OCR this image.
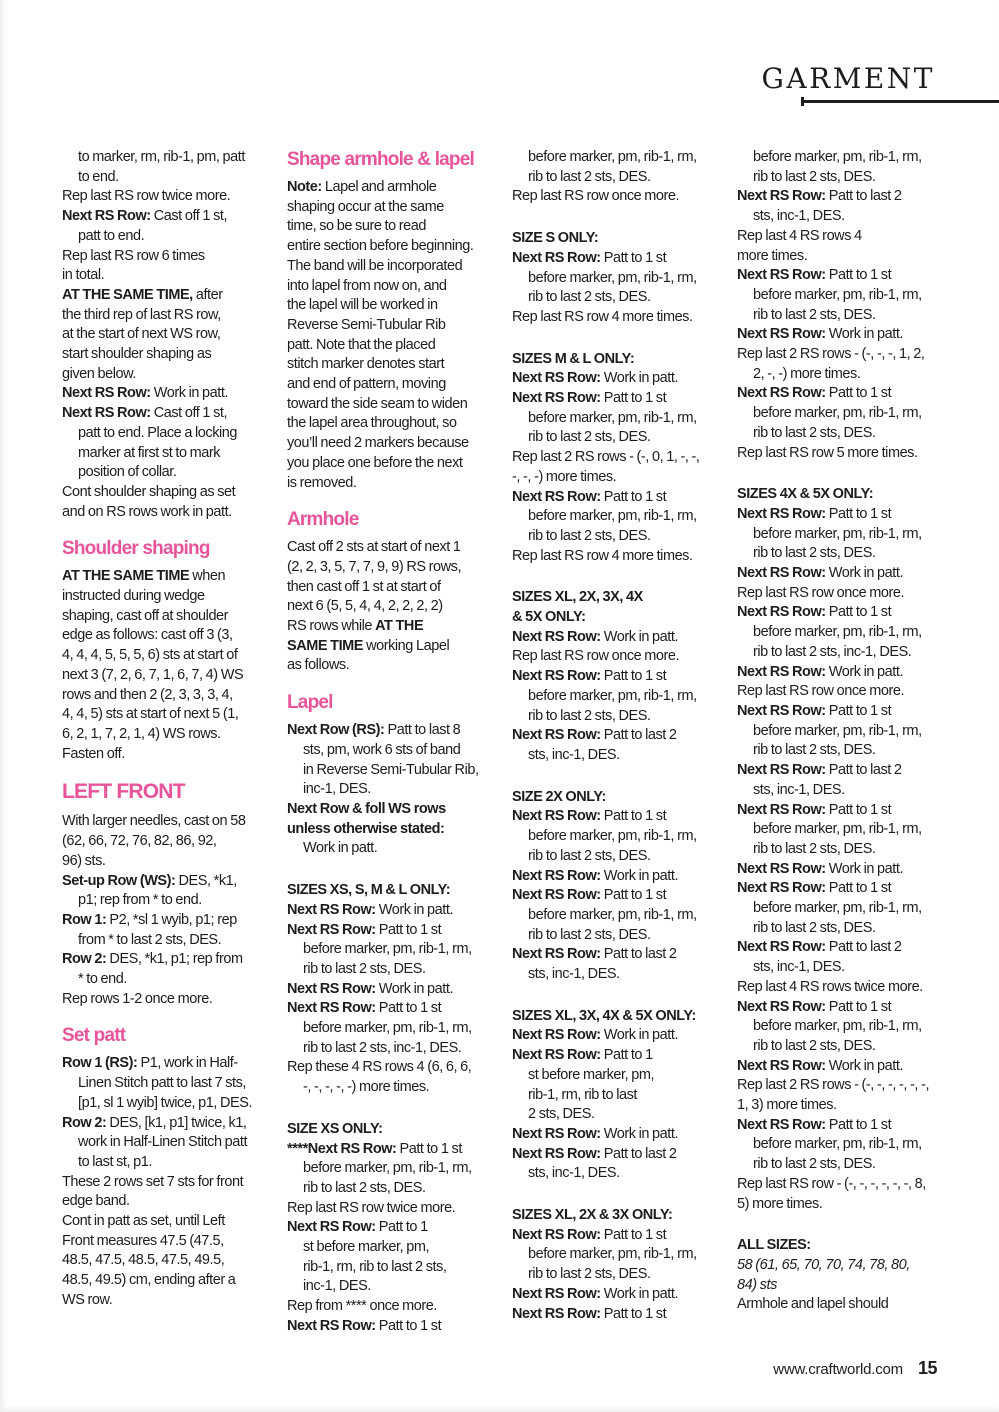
GARMENT
to marker, rm, rib-1, pm, patt
to end.
Rep last RS row twice more.
Next RS Row: Cast off 1 st,
patt to end.
Rep last RS row 6 times
in total.
AT THE SAME TIME, after
the third rep of last RS row,
at the start of next WS row,
start shoulder shaping as
given below.
Next RS Row: Work in patt.
Next RS Row: Cast off 1 st,
patt to end. Place a locking
marker at first st to mark
position of collar.
Cont shoulder shaping as set
and on RS rows work in patt.
Shoulder shaping
AT THE SAME TIME when
instructed during wedge
shaping, cast off at shoulder
edge as follows: cast off 3 (3,
4, 4, 4, 5, 5, 5, 6) sts at start of
next 3 (7, 2, 6, 7, 1, 6, 7, 4) WS
rows and then 2 (2, 3, 3, 3, 4,
4, 4, 5) sts at start of next 5 (1,
6, 2, 1, 7, 2, 1, 4) WS rows.
Fasten off.
LEFT FRONT
With larger needles, cast on 58
(62, 66, 72, 76, 82, 86, 92,
96) sts.
Set-up Row (WS): DES, *k1,
p1; rep from * to end.
Row 1: P2, *sl 1 wyib, p1; rep
from * to last 2 sts, DES.
Row 2: DES, *k1, p1; rep from
* to end.
Rep rows 1-2 once more.
Set patt
Row 1 (RS): P1, work in Half-
Linen Stitch patt to last 7 sts,
[p1, sl 1 wyib] twice, p1, DES.
Row 2: DES, [k1, p1] twice, k1,
work in Half-Linen Stitch patt
to last st, p1.
These 2 rows set 7 sts for front
edge band.
Cont in patt as set, until Left
Front measures 47.5 (47.5,
48.5, 47.5, 48.5, 47.5, 49.5,
48.5, 49.5) cm, ending after a
WS row.
Shape armhole & lapel
Note: Lapel and armhole
shaping occur at the same
time, so be sure to read
entire section before beginning.
The band will be incorporated
into lapel from now on, and
the lapel will be worked in
Reverse Semi-Tubular Rib
patt. Note that the placed
stitch marker denotes start
and end of pattern, moving
toward the side seam to widen
the lapel area throughout, so
you’ll need 2 markers because
you place one before the next
is removed.
Armhole
Cast off 2 sts at start of next 1
(2, 2, 3, 5, 7, 7, 9, 9) RS rows,
then cast off 1 st at start of
next 6 (5, 5, 4, 4, 2, 2, 2, 2)
RS rows while AT THE
SAME TIME working Lapel
as follows.
Lapel
Next Row (RS): Patt to last 8
sts, pm, work 6 sts of band
in Reverse Semi-Tubular Rib,
inc-1, DES.
Next Row & foll WS rows
unless otherwise stated:
Work in patt.
SIZES XS, S, M & L ONLY:
Next RS Row: Work in patt.
Next RS Row: Patt to 1 st
before marker, pm, rib-1, rm,
rib to last 2 sts, DES.
Next RS Row: Work in patt.
Next RS Row: Patt to 1 st
before marker, pm, rib-1, rm,
rib to last 2 sts, inc-1, DES.
Rep these 4 RS rows 4 (6, 6, 6,
-, -, -, -, -) more times.
SIZE XS ONLY:
****Next RS Row: Patt to 1 st
before marker, pm, rib-1, rm,
rib to last 2 sts, DES.
Rep last RS row twice more.
Next RS Row: Patt to 1
st before marker, pm,
rib-1, rm, rib to last 2 sts,
inc-1, DES.
Rep from **** once more.
Next RS Row: Patt to 1 st
before marker, pm, rib-1, rm,
rib to last 2 sts, DES.
Rep last RS row once more.
SIZE S ONLY:
Next RS Row: Patt to 1 st
before marker, pm, rib-1, rm,
rib to last 2 sts, DES.
Rep last RS row 4 more times.
SIZES M & L ONLY:
Next RS Row: Work in patt.
Next RS Row: Patt to 1 st
before marker, pm, rib-1, rm,
rib to last 2 sts, DES.
Rep last 2 RS rows - (-, 0, 1, -, -,
-, -, -) more times.
Next RS Row: Patt to 1 st
before marker, pm, rib-1, rm,
rib to last 2 sts, DES.
Rep last RS row 4 more times.
SIZES XL, 2X, 3X, 4X
& 5X ONLY:
Next RS Row: Work in patt.
Rep last RS row once more.
Next RS Row: Patt to 1 st
before marker, pm, rib-1, rm,
rib to last 2 sts, DES.
Next RS Row: Patt to last 2
sts, inc-1, DES.
SIZE 2X ONLY:
Next RS Row: Patt to 1 st
before marker, pm, rib-1, rm,
rib to last 2 sts, DES.
Next RS Row: Work in patt.
Next RS Row: Patt to 1 st
before marker, pm, rib-1, rm,
rib to last 2 sts, DES.
Next RS Row: Patt to last 2
sts, inc-1, DES.
SIZES XL, 3X, 4X & 5X ONLY:
Next RS Row: Work in patt.
Next RS Row: Patt to 1
st before marker, pm,
rib-1, rm, rib to last
2 sts, DES.
Next RS Row: Work in patt.
Next RS Row: Patt to last 2
sts, inc-1, DES.
SIZES XL, 2X & 3X ONLY:
Next RS Row: Patt to 1 st
before marker, pm, rib-1, rm,
rib to last 2 sts, DES.
Next RS Row: Work in patt.
Next RS Row: Patt to 1 st
before marker, pm, rib-1, rm,
rib to last 2 sts, DES.
Next RS Row: Patt to last 2
sts, inc-1, DES.
Rep last 4 RS rows 4
more times.
Next RS Row: Patt to 1 st
before marker, pm, rib-1, rm,
rib to last 2 sts, DES.
Next RS Row: Work in patt.
Rep last 2 RS rows - (-, -, -, 1, 2,
2, -, -) more times.
Next RS Row: Patt to 1 st
before marker, pm, rib-1, rm,
rib to last 2 sts, DES.
Rep last RS row 5 more times.
SIZES 4X & 5X ONLY:
Next RS Row: Patt to 1 st
before marker, pm, rib-1, rm,
rib to last 2 sts, DES.
Next RS Row: Work in patt.
Rep last RS row once more.
Next RS Row: Patt to 1 st
before marker, pm, rib-1, rm,
rib to last 2 sts, inc-1, DES.
Next RS Row: Work in patt.
Rep last RS row once more.
Next RS Row: Patt to 1 st
before marker, pm, rib-1, rm,
rib to last 2 sts, DES.
Next RS Row: Patt to last 2
sts, inc-1, DES.
Next RS Row: Patt to 1 st
before marker, pm, rib-1, rm,
rib to last 2 sts, DES.
Next RS Row: Work in patt.
Next RS Row: Patt to 1 st
before marker, pm, rib-1, rm,
rib to last 2 sts, DES.
Next RS Row: Patt to last 2
sts, inc-1, DES.
Rep last 4 RS rows twice more.
Next RS Row: Patt to 1 st
before marker, pm, rib-1, rm,
rib to last 2 sts, DES.
Next RS Row: Work in patt.
Rep last 2 RS rows - (-, -, -, -, -, -,
1, 3) more times.
Next RS Row: Patt to 1 st
before marker, pm, rib-1, rm,
rib to last 2 sts, DES.
Rep last RS row - (-, -, -, -, -, -, 8,
5) more times.
ALL SIZES:
58 (61, 65, 70, 70, 74, 78, 80,
84) sts
Armhole and lapel should
www.craftworld.com 15
